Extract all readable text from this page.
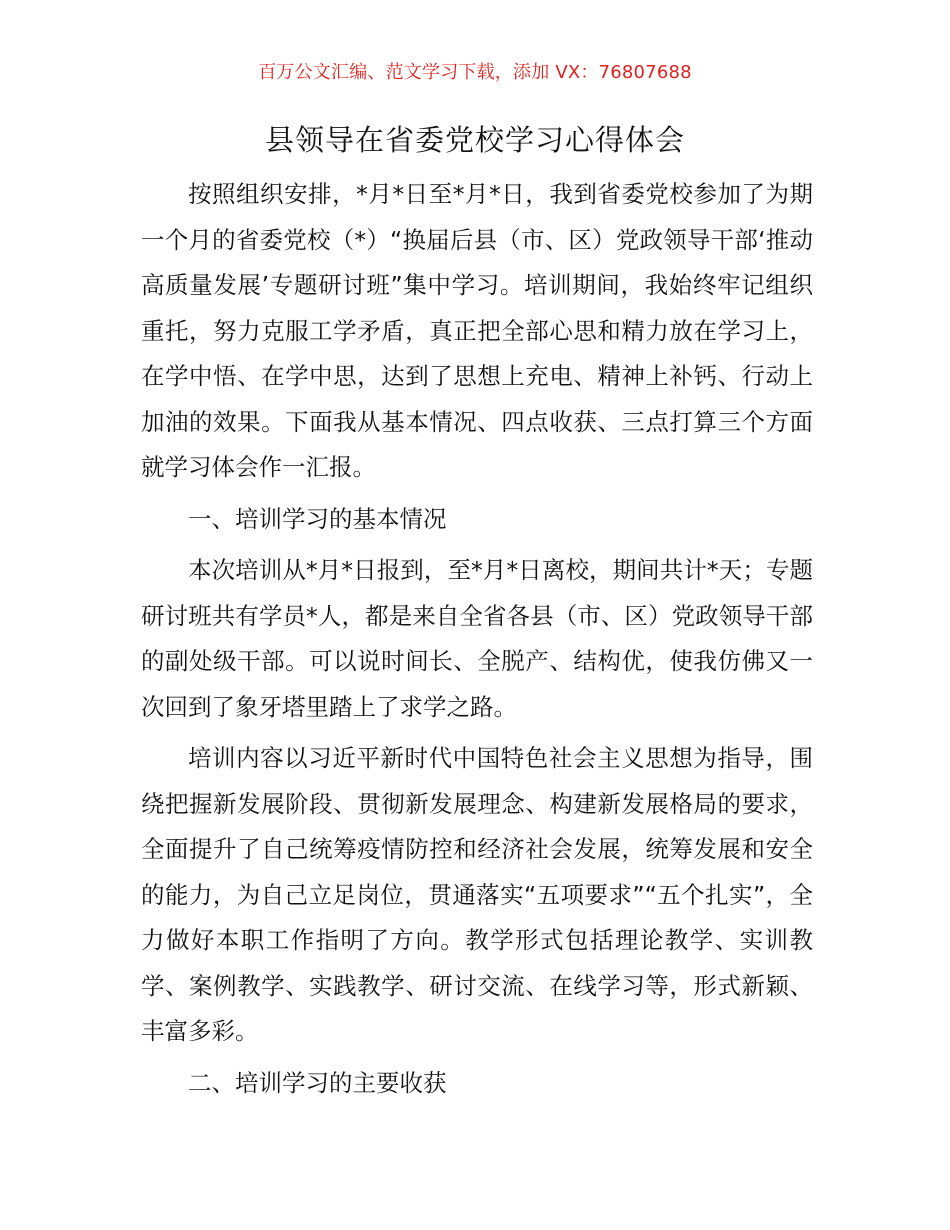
百万公文汇编、范文学习下载，添加 VX：76807688
县领导在省委党校学习心得体会

按照组织安排，*月*日至*月*日，我到省委党校参加了为期一个月的省委党校（*）“换届后县（市、区）党政领导干部‘推动高质量发展’专题研讨班”集中学习。培训期间，我始终牢记组织重托，努力克服工学矛盾，真正把全部心思和精力放在学习上，在学中悟、在学中思，达到了思想上充电、精神上补钙、行动上加油的效果。下面我从基本情况、四点收获、三点打算三个方面就学习体会作一汇报。

一、培训学习的基本情况

本次培训从*月*日报到，至*月*日离校，期间共计*天；专题研讨班共有学员*人，都是来自全省各县（市、区）党政领导干部的副处级干部。可以说时间长、全脱产、结构优，使我仿佛又一次回到了象牙塔里踏上了求学之路。

培训内容以习近平新时代中国特色社会主义思想为指导，围绕把握新发展阶段、贯彻新发展理念、构建新发展格局的要求，全面提升了自己统筹疫情防控和经济社会发展，统筹发展和安全的能力，为自己立足岗位，贯通落实“五项要求”“五个扎实”，全力做好本职工作指明了方向。教学形式包括理论教学、实训教学、案例教学、实践教学、研讨交流、在线学习等，形式新颖、丰富多彩。

二、培训学习的主要收获
